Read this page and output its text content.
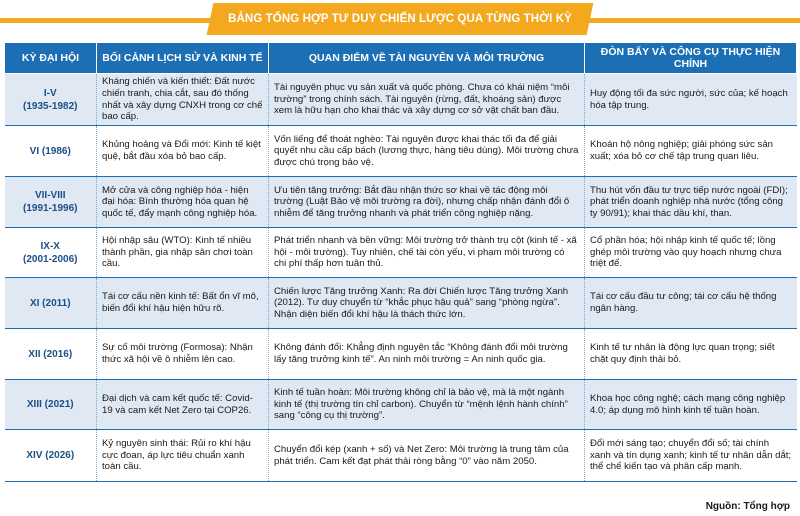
BẢNG TỔNG HỢP TƯ DUY CHIẾN LƯỢC QUA TỪNG THỜI KỲ
KỲ ĐẠI HỘI	BỐI CẢNH LỊCH SỬ VÀ KINH TẾ	QUAN ĐIỂM VỀ TÀI NGUYÊN VÀ MÔI TRƯỜNG	ĐÒN BẨY VÀ CÔNG CỤ THỰC HIỆN CHÍNH

I-V
(1935-1982)	Kháng chiến và kiến thiết: Đất nước chiến tranh, chia cắt, sau đó thống nhất và xây dựng CNXH trong cơ chế bao cấp.	Tài nguyên phục vụ sản xuất và quốc phòng. Chưa có khái niệm “môi trường” trong chính sách. Tài nguyên (rừng, đất, khoáng sản) được xem là hữu hạn cho khai thác và xây dựng cơ sở vật chất ban đầu.	Huy động tối đa sức người, sức của; kế hoạch hóa tập trung.

VI (1986)	Khủng hoảng và Đổi mới: Kinh tế kiệt quệ, bắt đầu xóa bỏ bao cấp.	Vốn liếng để thoát nghèo: Tài nguyên được khai thác tối đa để giải quyết nhu cầu cấp bách (lương thực, hàng tiêu dùng). Môi trường chưa được chú trọng bảo vệ.	Khoán hộ nông nghiệp; giải phóng sức sản xuất; xóa bỏ cơ chế tập trung quan liêu.

VII-VIII
(1991-1996)	Mở cửa và công nghiệp hóa - hiện đại hóa: Bình thường hóa quan hệ quốc tế, đẩy mạnh công nghiệp hóa.	Ưu tiên tăng trưởng: Bắt đầu nhận thức sơ khai về tác động môi trường (Luật Bảo vệ môi trường ra đời), nhưng chấp nhận đánh đổi ô nhiễm để tăng trưởng nhanh và phát triển công nghiệp nặng.	Thu hút vốn đầu tư trực tiếp nước ngoài (FDI); phát triển doanh nghiệp nhà nước (tổng công ty 90/91); khai thác dầu khí, than.

IX-X
(2001-2006)	Hội nhập sâu (WTO): Kinh tế nhiều thành phần, gia nhập sân chơi toàn cầu.	Phát triển nhanh và bền vững: Môi trường trở thành trụ cột (kinh tế - xã hội - môi trường). Tuy nhiên, chế tài còn yếu, vi phạm môi trường có chi phí thấp hơn tuân thủ.	Cổ phần hóa; hội nhập kinh tế quốc tế; lồng ghép môi trường vào quy hoạch nhưng chưa triệt để.

XI (2011)	Tái cơ cấu nền kinh tế: Bất ổn vĩ mô, biến đổi khí hậu hiện hữu rõ.	Chiến lược Tăng trưởng Xanh: Ra đời Chiến lược Tăng trưởng Xanh (2012). Tư duy chuyển từ “khắc phục hậu quả” sang “phòng ngừa”. Nhận diện biến đổi khí hậu là thách thức lớn.	Tái cơ cấu đầu tư công; tái cơ cấu hệ thống ngân hàng.

XII (2016)	Sự cố môi trường (Formosa): Nhận thức xã hội về ô nhiễm lên cao.	Không đánh đổi: Khẳng định nguyên tắc “Không đánh đổi môi trường lấy tăng trưởng kinh tế”. An ninh môi trường = An ninh quốc gia.	Kinh tế tư nhân là động lực quan trọng; siết chặt quy định thải bỏ.

XIII (2021)	Đại dịch và cam kết quốc tế: Covid-19 và cam kết Net Zero tại COP26.	Kinh tế tuần hoàn: Môi trường không chỉ là bảo vệ, mà là một ngành kinh tế (thị trường tín chỉ carbon). Chuyển từ “mệnh lệnh hành chính” sang “công cụ thị trường”.	Khoa học công nghệ; cách mạng công nghiệp 4.0; áp dụng mô hình kinh tế tuần hoàn.

XIV (2026)	Kỷ nguyên sinh thái: Rủi ro khí hậu cực đoan, áp lực tiêu chuẩn xanh toàn cầu.	Chuyển đổi kép (xanh + số) và Net Zero: Môi trường là trung tâm của phát triển. Cam kết đạt phát thải ròng bằng “0” vào năm 2050.	Đổi mới sáng tạo; chuyển đổi số; tài chính xanh và tín dụng xanh; kinh tế tư nhân dẫn dắt; thể chế kiến tạo và phân cấp mạnh.
Nguồn: Tổng hợp
